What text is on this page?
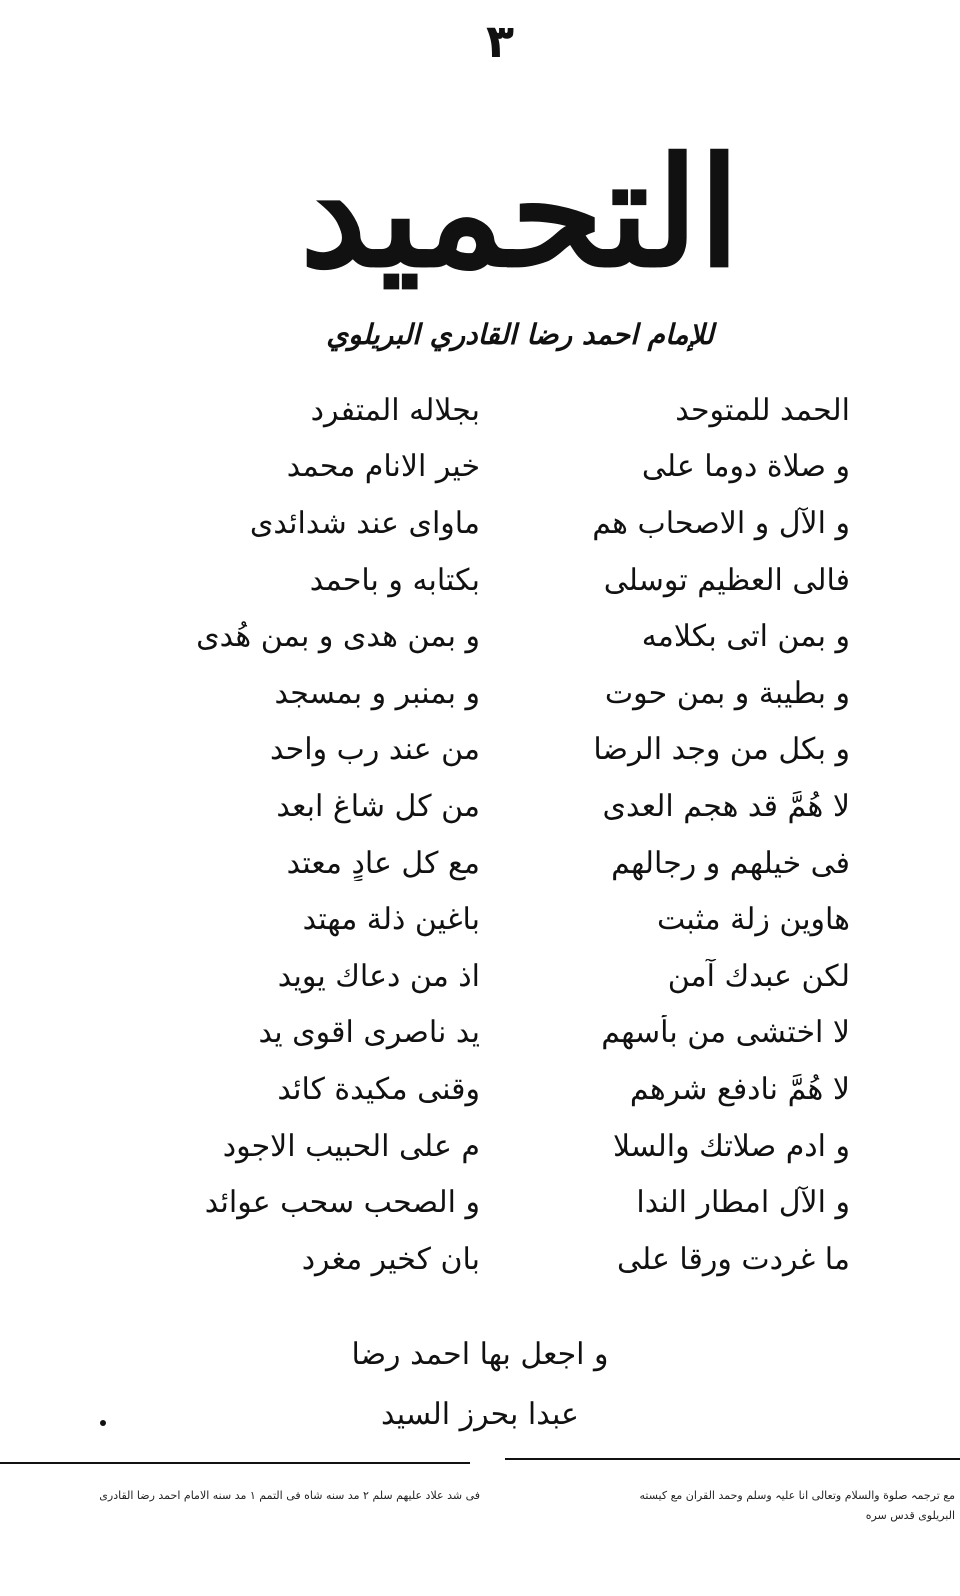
٣
التحميد
للإمام احمد رضا القادري البريلوي
الحمد للمتوحد
بجلاله المتفرد
و صلاة دوما على
خير الانام محمد
و الآل و الاصحاب هم
ماوای عند شدائدی
فالى العظيم توسلی
بكتابه و باحمد
و بمن اتى بكلامه
و بمن هدى و بمن هُدى
و بطيبة و بمن حوت
و بمنبر و بمسجد
و بكل من وجد الرضا
من عند رب واحد
لا هُمَّ قد هجم العدى
من كل شاغٍ ابعد
فی خيلهم و رجالهم
مع كل عادٍ معتد
هاوين زلة مثبت
باغين ذلة مهتد
لكن عبدك آمن
اذ من دعاك يويد
لا اختشى من بأسهم
يد ناصری اقوی يد
لا هُمَّ نادفع شرهم
وقنی مكيدة كائد
و ادم صلاتك والسلا
م على الحبيب الاجود
و الآل امطار الندا
و الصحب سحب عوائد
ما غردت ورقا على
بان كخير مغرد
و اجعل بها احمد رضا
عبدا بحرز السيد
فی شد علاد عليهم سلم ۲ مد سنه شاه فى التمم ۱ مد سنه الامام احمد رضا القادری	مع ترجمہ صلوة والسلام وتعالى انا علیہ وسلم وحمد القران مع كيسته
البريلوی قدس سره
